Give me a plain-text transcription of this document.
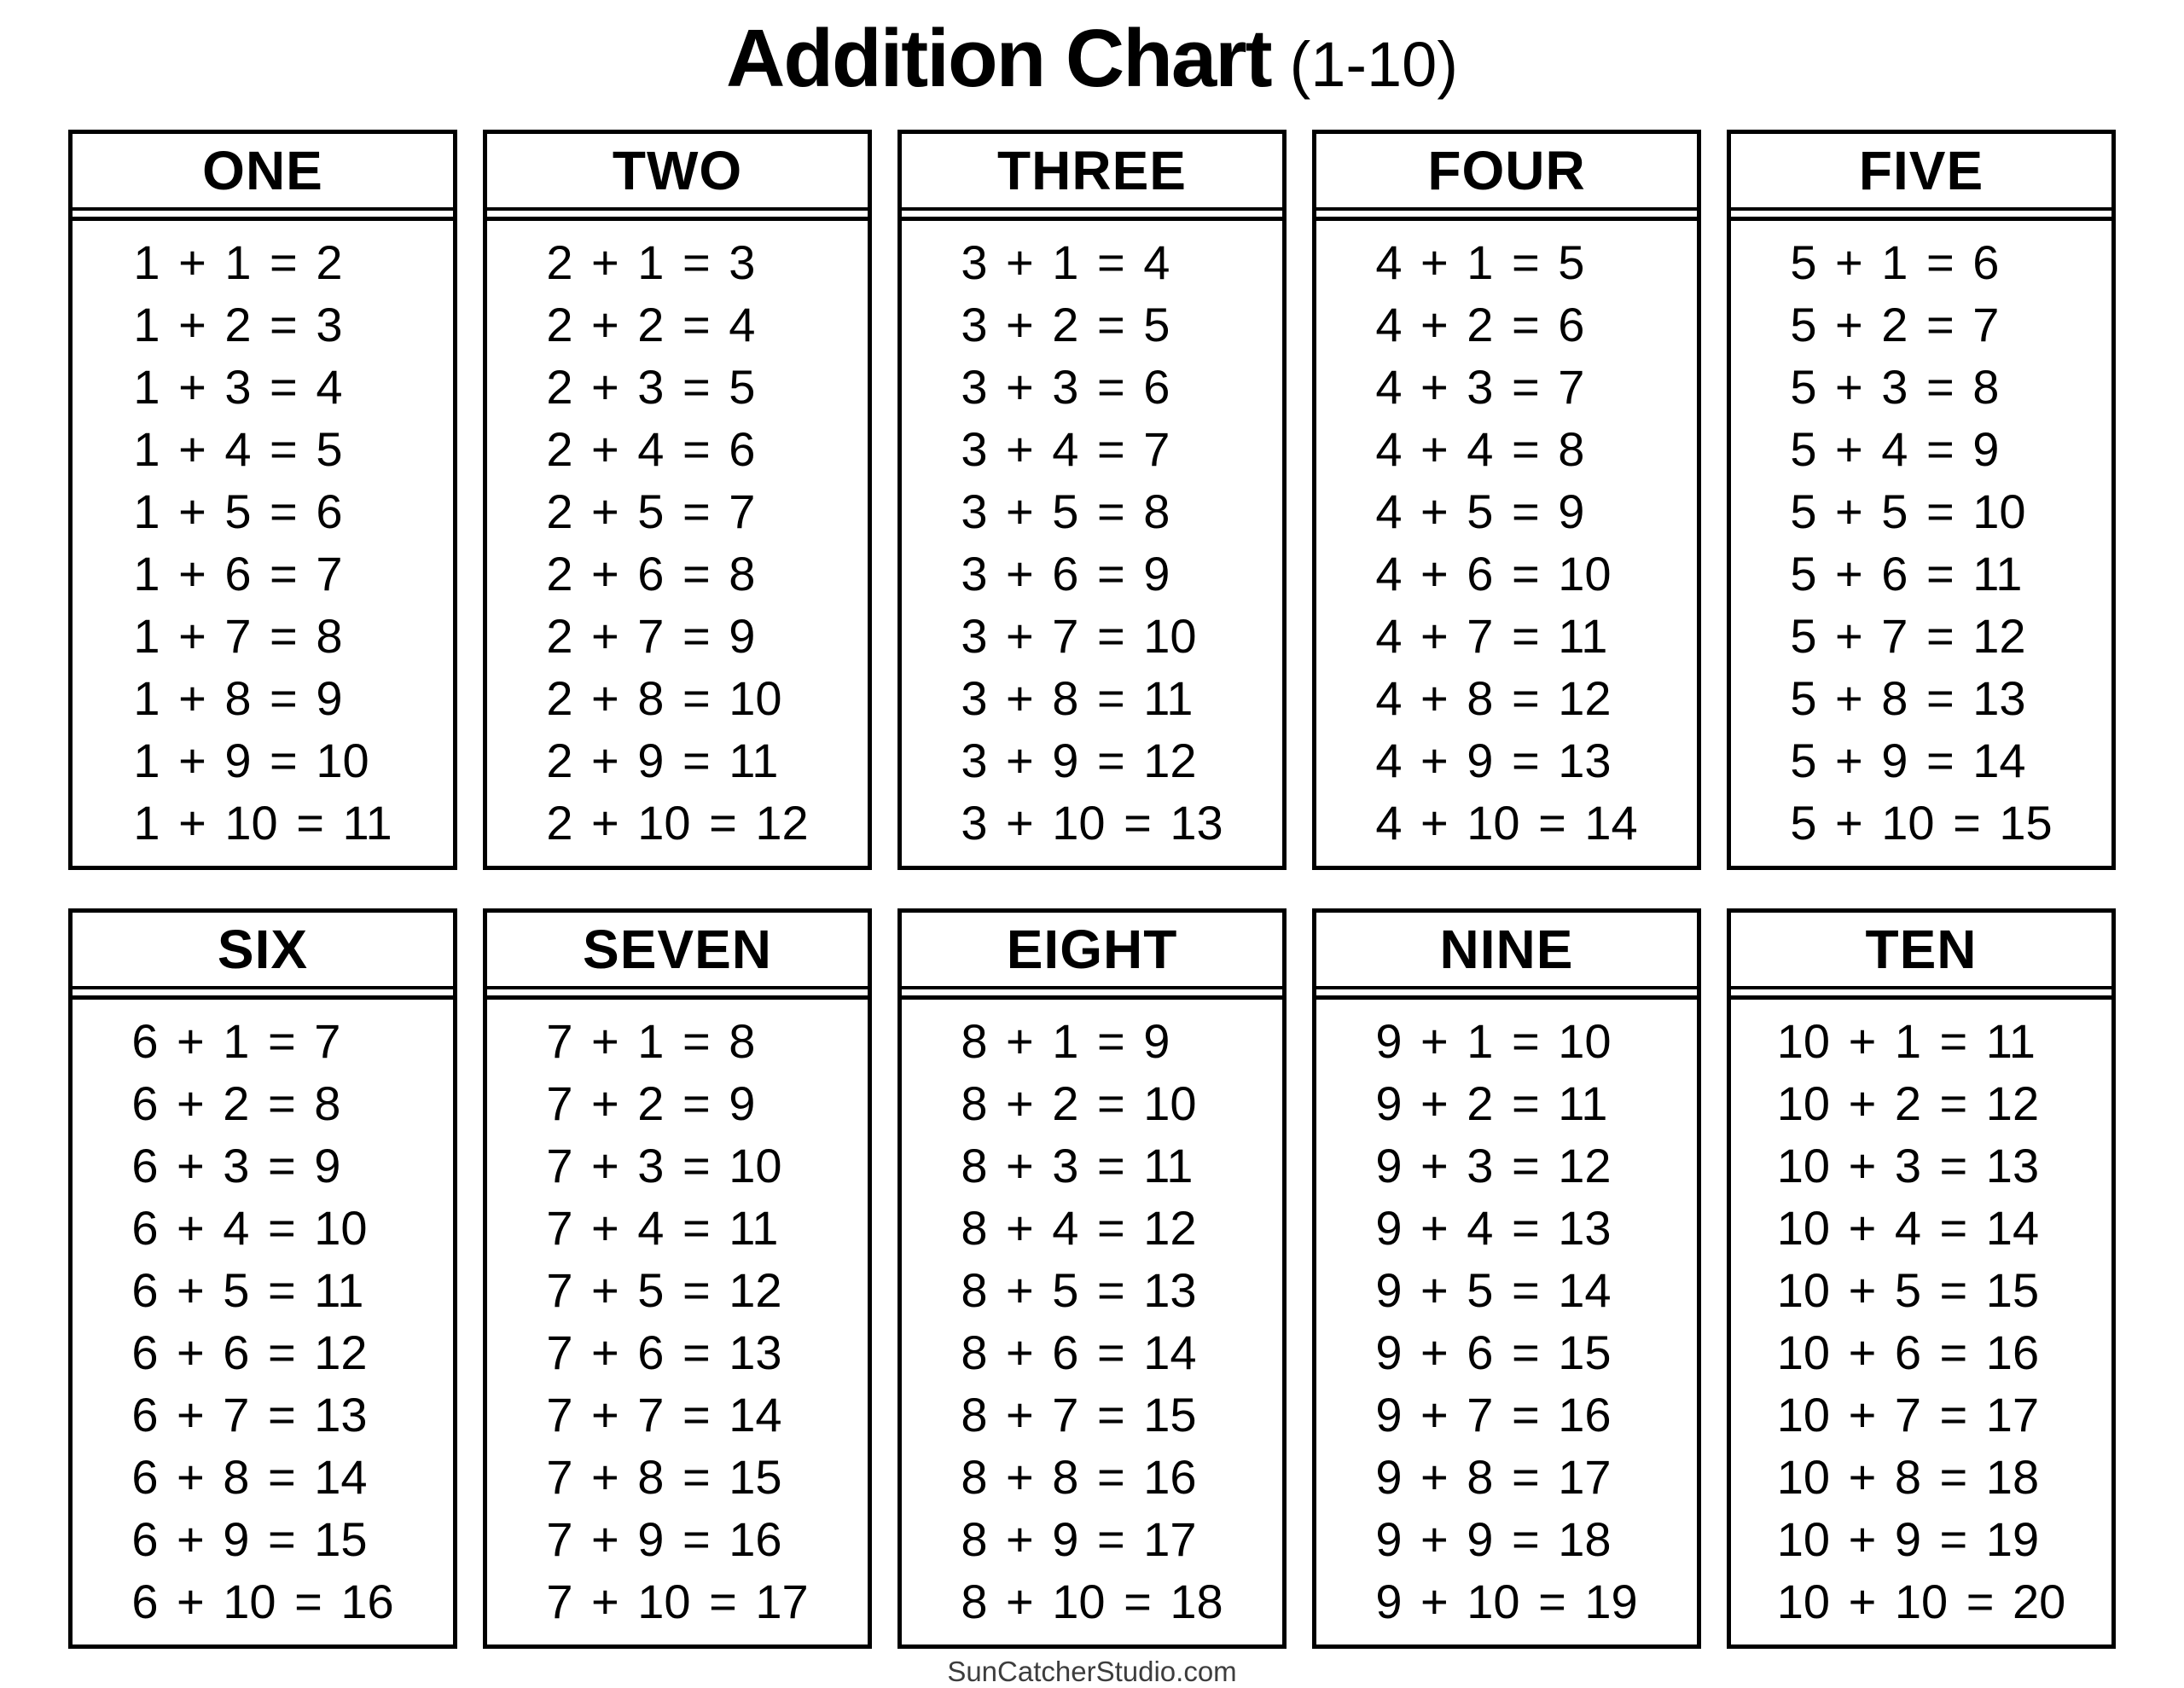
Addition Chart (1-10)
ONE
1 + 1 = 2
1 + 2 = 3
1 + 3 = 4
1 + 4 = 5
1 + 5 = 6
1 + 6 = 7
1 + 7 = 8
1 + 8 = 9
1 + 9 = 10
1 + 10 = 11
TWO
2 + 1 = 3
2 + 2 = 4
2 + 3 = 5
2 + 4 = 6
2 + 5 = 7
2 + 6 = 8
2 + 7 = 9
2 + 8 = 10
2 + 9 = 11
2 + 10 = 12
THREE
3 + 1 = 4
3 + 2 = 5
3 + 3 = 6
3 + 4 = 7
3 + 5 = 8
3 + 6 = 9
3 + 7 = 10
3 + 8 = 11
3 + 9 = 12
3 + 10 = 13
FOUR
4 + 1 = 5
4 + 2 = 6
4 + 3 = 7
4 + 4 = 8
4 + 5 = 9
4 + 6 = 10
4 + 7 = 11
4 + 8 = 12
4 + 9 = 13
4 + 10 = 14
FIVE
5 + 1 = 6
5 + 2 = 7
5 + 3 = 8
5 + 4 = 9
5 + 5 = 10
5 + 6 = 11
5 + 7 = 12
5 + 8 = 13
5 + 9 = 14
5 + 10 = 15
SIX
6 + 1 = 7
6 + 2 = 8
6 + 3 = 9
6 + 4 = 10
6 + 5 = 11
6 + 6 = 12
6 + 7 = 13
6 + 8 = 14
6 + 9 = 15
6 + 10 = 16
SEVEN
7 + 1 = 8
7 + 2 = 9
7 + 3 = 10
7 + 4 = 11
7 + 5 = 12
7 + 6 = 13
7 + 7 = 14
7 + 8 = 15
7 + 9 = 16
7 + 10 = 17
EIGHT
8 + 1 = 9
8 + 2 = 10
8 + 3 = 11
8 + 4 = 12
8 + 5 = 13
8 + 6 = 14
8 + 7 = 15
8 + 8 = 16
8 + 9 = 17
8 + 10 = 18
NINE
9 + 1 = 10
9 + 2 = 11
9 + 3 = 12
9 + 4 = 13
9 + 5 = 14
9 + 6 = 15
9 + 7 = 16
9 + 8 = 17
9 + 9 = 18
9 + 10 = 19
TEN
10 + 1 = 11
10 + 2 = 12
10 + 3 = 13
10 + 4 = 14
10 + 5 = 15
10 + 6 = 16
10 + 7 = 17
10 + 8 = 18
10 + 9 = 19
10 + 10 = 20
SunCatcherStudio.com
